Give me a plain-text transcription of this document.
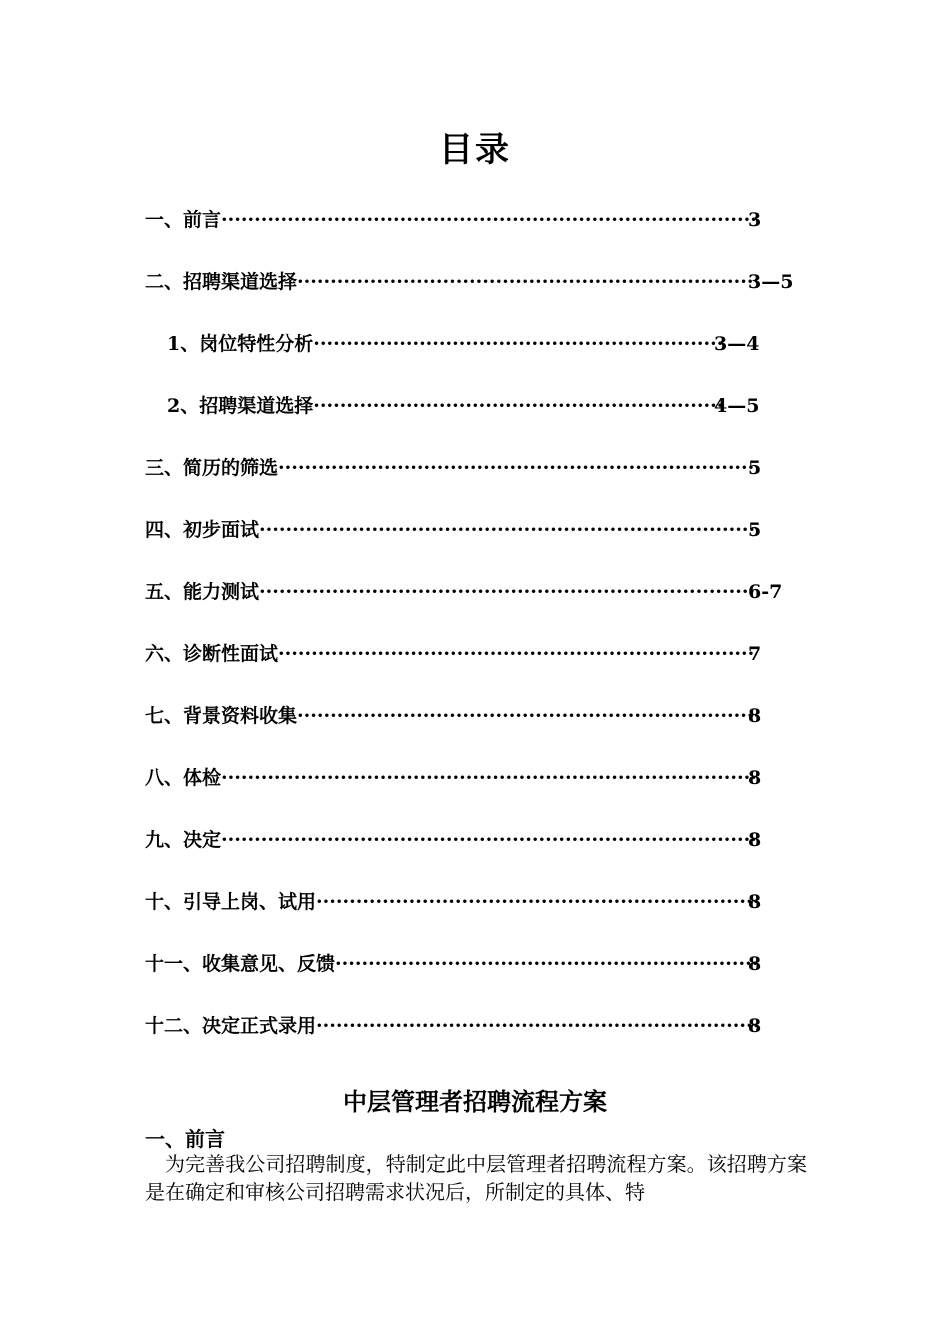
目录
一、前言 ·····	3
二、招聘渠道选择 ·····	3—5
1、岗位特性分析 ·····	3—4
2、招聘渠道选择 ·····	4—5
三、简历的筛选 ·····	5
四、初步面试 ·····	5
五、能力测试 ·····	6-7
六、诊断性面试 ·····	7
七、背景资料收集 ·····	8
八、体检 ·····	8
九、决定 ·····	8
十、引导上岗、试用 ·····	8
十一、收集意见、反馈 ·····	8
十二、决定正式录用 ·····	8
中层管理者招聘流程方案
一、前言

为完善我公司招聘制度，特制定此中层管理者招聘流程方案。该招聘方案是在确定和审核公司招聘需求状况后，所制定的具体、特
